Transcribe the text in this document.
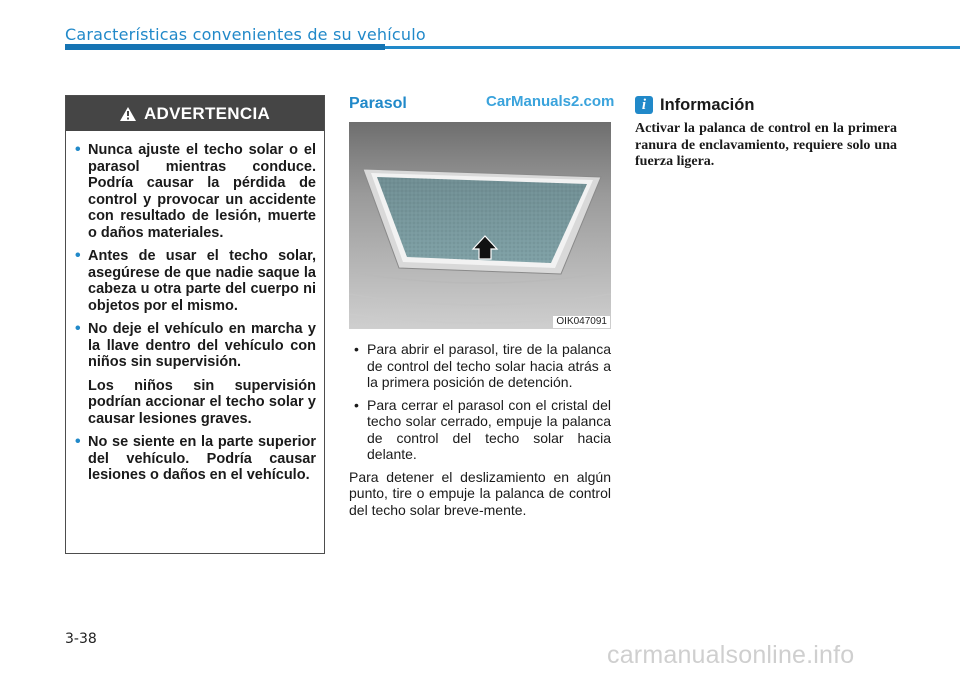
Características convenientes de su vehículo
ADVERTENCIA
• Nunca ajuste el techo solar o el parasol mientras conduce. Podría causar la pérdida de control y provocar un accidente con resultado de lesión, muerte o daños materiales.
• Antes de usar el techo solar, asegúrese de que nadie saque la cabeza u otra parte del cuerpo ni objetos por el mismo.
• No deje el vehículo en marcha y la llave dentro del vehículo con niños sin supervisión.
Los niños sin supervisión podrían accionar el techo solar y causar lesiones graves.
• No se siente en la parte superior del vehículo. Podría causar lesiones o daños en el vehículo.
Parasol	CarManuals2.com
OIK047091
• Para abrir el parasol, tire de la palanca de control del techo solar hacia atrás a la primera posición de detención.
• Para cerrar el parasol con el cristal del techo solar cerrado, empuje la palanca de control del techo solar hacia delante.
Para detener el deslizamiento en algún punto, tire o empuje la palanca de control del techo solar breve-mente.
i Información
Activar la palanca de control en la primera ranura de enclavamiento, requiere solo una fuerza ligera.
3-38
carmanualsonline.info
